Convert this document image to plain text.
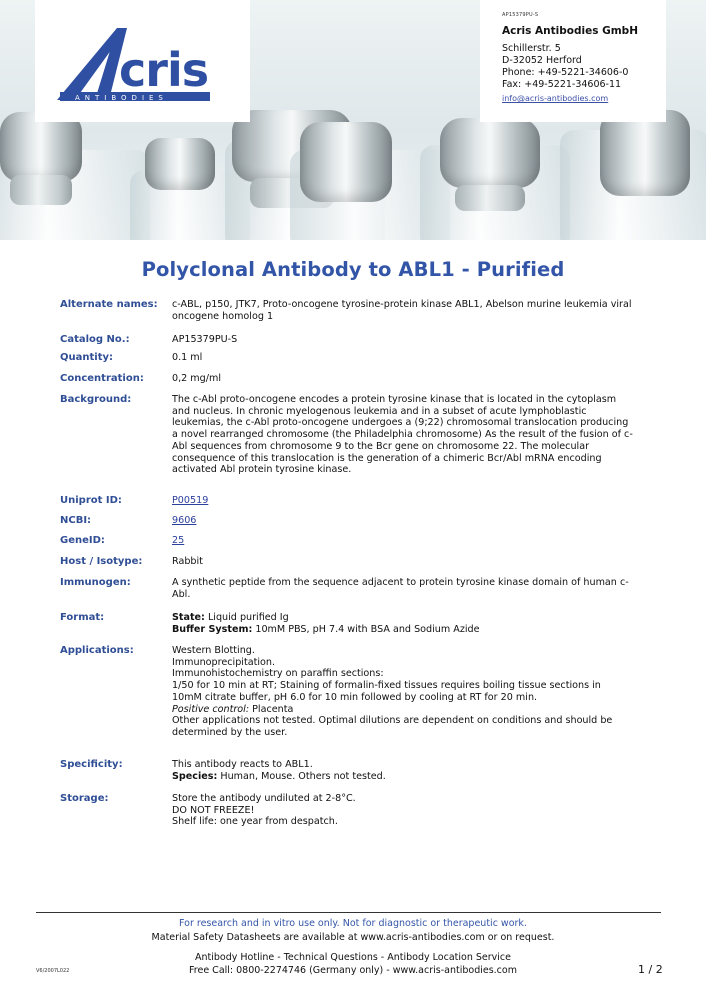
cris
ANTIBODIES
AP15379PU-S
Acris Antibodies GmbH
Schillerstr. 5
D-32052 Herford
Phone: +49-5221-34606-0
Fax: +49-5221-34606-11
info@acris-antibodies.com
Polyclonal Antibody to ABL1 - Purified
Alternate names: c-ABL, p150, JTK7, Proto-oncogene tyrosine-protein kinase ABL1, Abelson murine leukemia viral
oncogene homolog 1
Catalog No.:	AP15379PU-S
Quantity:	0.1 ml
Concentration:	0,2 mg/ml
Background:	The c-Abl proto-oncogene encodes a protein tyrosine kinase that is located in the cytoplasm
and nucleus. In chronic myelogenous leukemia and in a subset of acute lymphoblastic
leukemias, the c-Abl proto-oncogene undergoes a (9;22) chromosomal translocation producing
a novel rearranged chromosome (the Philadelphia chromosome) As the result of the fusion of c-
Abl sequences from chromosome 9 to the Bcr gene on chromosome 22. The molecular
consequence of this translocation is the generation of a chimeric Bcr/Abl mRNA encoding
activated Abl protein tyrosine kinase.
Uniprot ID:	P00519
NCBI:	9606
GeneID:	25
Host / Isotype:	Rabbit
Immunogen:	A synthetic peptide from the sequence adjacent to protein tyrosine kinase domain of human c-
Abl.
Format:	State: Liquid purified Ig
Buffer System: 10mM PBS, pH 7.4 with BSA and Sodium Azide
Applications:	Western Blotting.
Immunoprecipitation.
Immunohistochemistry on paraffin sections:
1/50 for 10 min at RT; Staining of formalin-fixed tissues requires boiling tissue sections in
10mM citrate buffer, pH 6.0 for 10 min followed by cooling at RT for 20 min.
Positive control: Placenta
Other applications not tested. Optimal dilutions are dependent on conditions and should be
determined by the user.
Specificity:	This antibody reacts to ABL1.
Species: Human, Mouse. Others not tested.
Storage:	Store the antibody undiluted at 2-8°C.
DO NOT FREEZE!
Shelf life: one year from despatch.
For research and in vitro use only. Not for diagnostic or therapeutic work.
Material Safety Datasheets are available at www.acris-antibodies.com or on request.
Antibody Hotline - Technical Questions - Antibody Location Service
Free Call: 0800-2274746 (Germany only) - www.acris-antibodies.com
V6/2007L022	1 / 2
